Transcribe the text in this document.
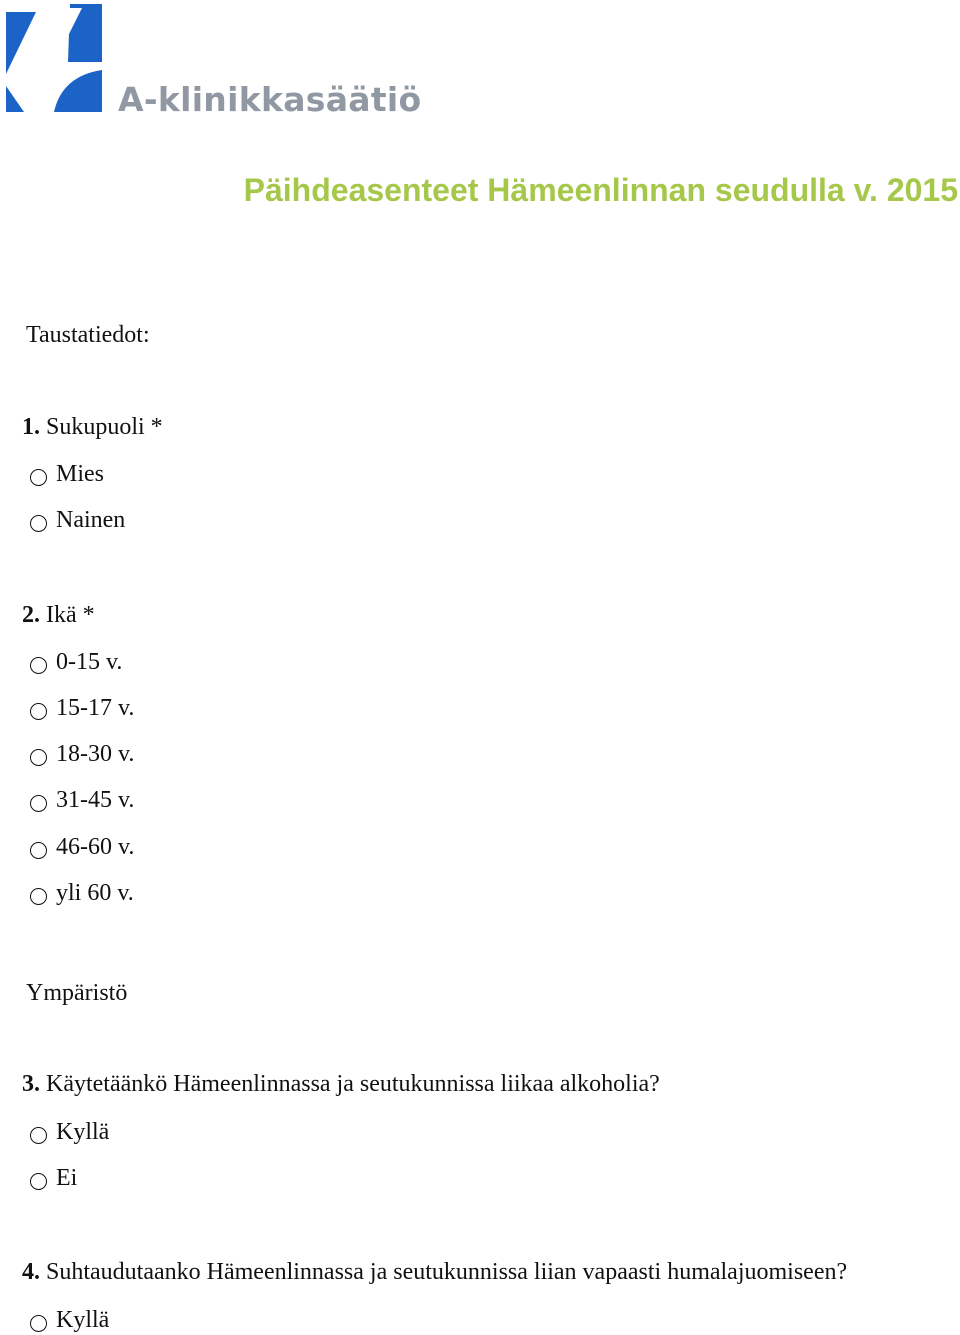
A-klinikkasäätiö
Päihdeasenteet Hämeenlinnan seudulla v. 2015
Taustatiedot:
1. Sukupuoli *
Mies
Nainen
2. Ikä *
0-15 v.
15-17 v.
18-30 v.
31-45 v.
46-60 v.
yli 60 v.
Ympäristö
3. Käytetäänkö Hämeenlinnassa ja seutukunnissa liikaa alkoholia?
Kyllä
Ei
4. Suhtaudutaanko Hämeenlinnassa ja seutukunnissa liian vapaasti humalajuomiseen?
Kyllä
